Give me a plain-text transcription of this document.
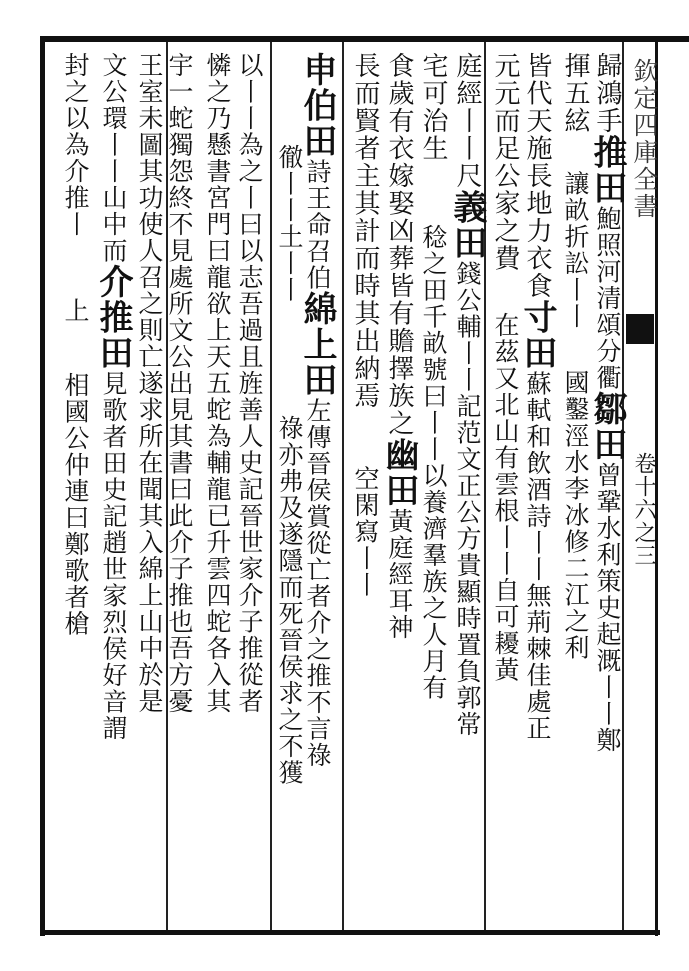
欽定四庫全書
卷十六之三
歸鴻手推田鮑照河清頌分衢鄒田曾鞏水利策史起溉丨丨鄭
揮五絃讓畝折訟丨丨國鑿涇水李冰修二江之利
皆代天施長地力衣食寸田蘇軾和飲酒詩丨丨無荊棘佳處正
元元而足公家之費在茲又北山有雲根丨丨自可耰黃
庭經丨丨尺義田錢公輔丨丨記范文正公方貴顯時置負郭常
宅可治生稔之田千畝號曰丨丨以養濟羣族之人月有
食歲有衣嫁娶凶葬皆有贍擇族之幽田黃庭經耳神
長而賢者主其計而時其出納焉空閑寫丨丨
申伯田詩王命召伯綿上田左傳晉侯賞從亡者介之推不言祿
徹丨丨土丨丨祿亦弗及遂隱而死晉侯求之不獲
以丨丨為之丨曰以志吾過且旌善人史記晉世家介子推從者
憐之乃懸書宮門曰龍欲上天五蛇為輔龍已升雲四蛇各入其
宇一蛇獨怨終不見處所文公出見其書曰此介子推也吾方憂
王室未圖其功使人召之則亡遂求所在聞其入綿上山中於是
文公環丨丨山中而介推田見歌者田史記趙世家烈侯好音謂
封之以為介推丨上相國公仲連曰鄭歌者槍
